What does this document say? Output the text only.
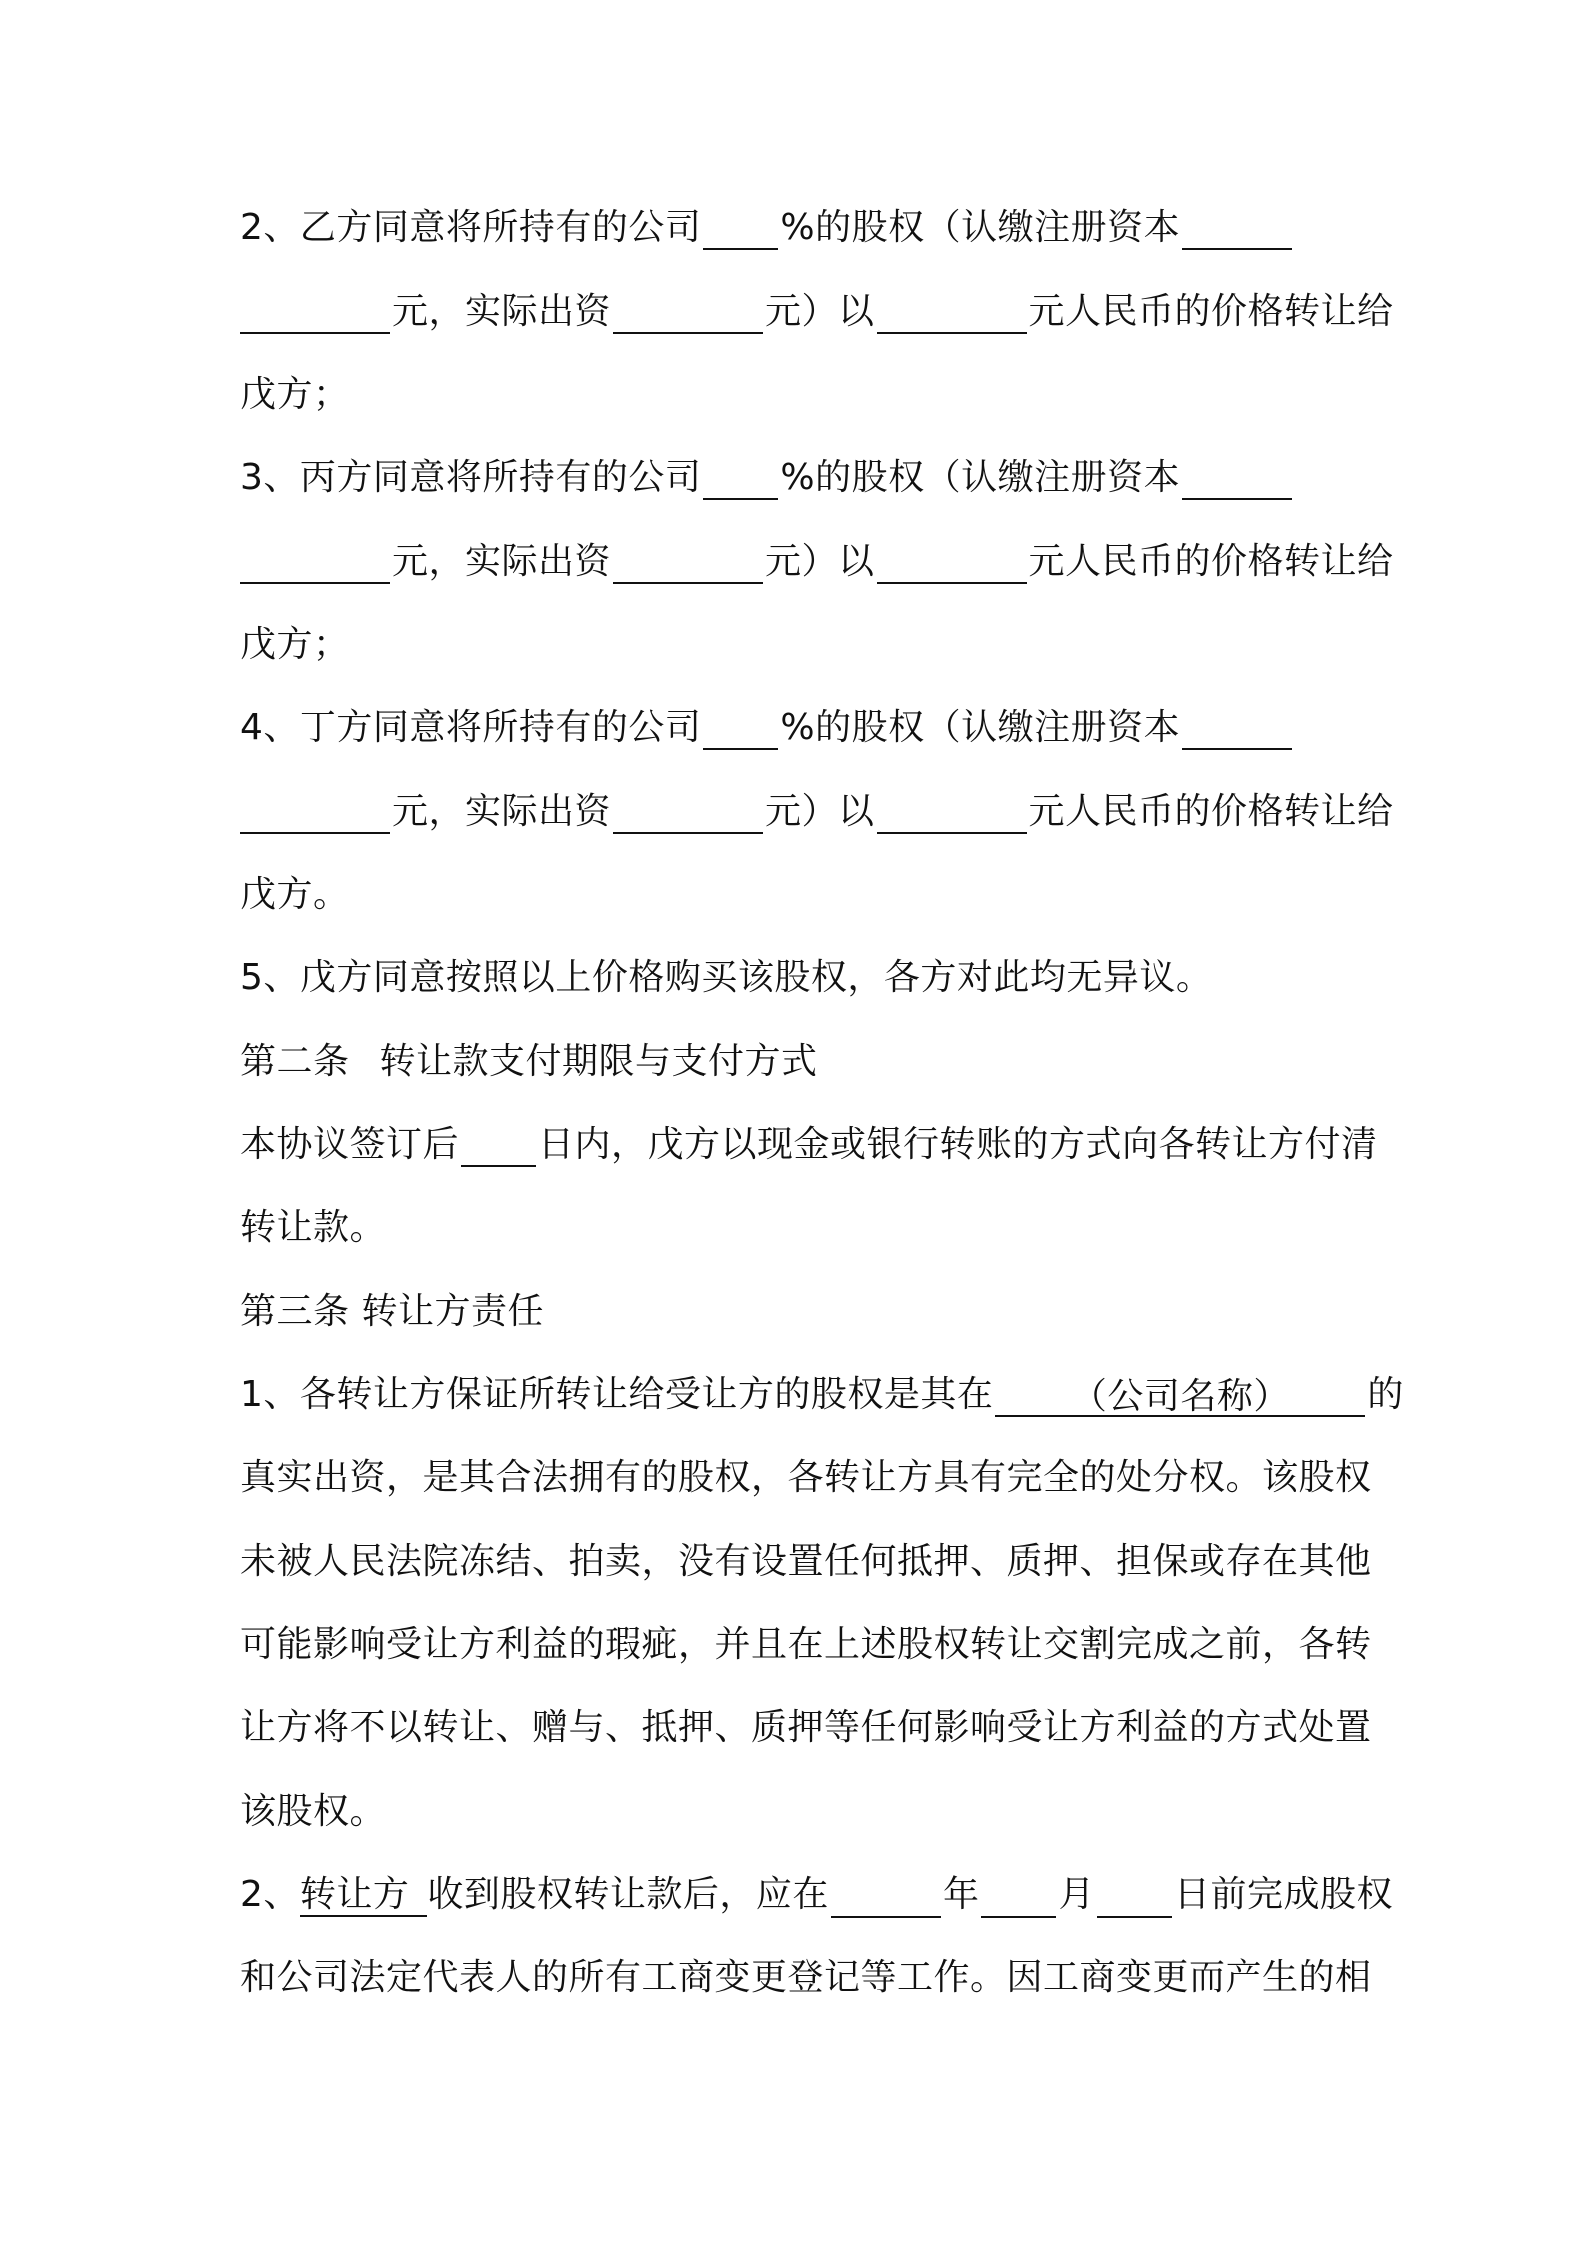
2、乙方同意将所持有的公司 %的股权（认缴注册资本
元，实际出资	元）以	元人民币的价格转让给
戊方；
3、丙方同意将所持有的公司 %的股权（认缴注册资本
元，实际出资	元）以	元人民币的价格转让给
戊方；
4、丁方同意将所持有的公司 %的股权（认缴注册资本
元，实际出资	元）以	元人民币的价格转让给
戊方。
5、戊方同意按照以上价格购买该股权，各方对此均无异议。
第二条 转让款支付期限与支付方式
本协议签订后 日内，戊方以现金或银行转账的方式向各转让方付清
转让款。
第三条 转让方责任
1、各转让方保证所转让给受让方的股权是其在 （公司名称） 的
真实出资，是其合法拥有的股权，各转让方具有完全的处分权。该股权
未被人民法院冻结、拍卖，没有设置任何抵押、质押、担保或存在其他
可能影响受让方利益的瑕疵，并且在上述股权转让交割完成之前，各转
让方将不以转让、赠与、抵押、质押等任何影响受让方利益的方式处置
该股权。
2、转让方 收到股权转让款后，应在	年 月 日前完成股权
和公司法定代表人的所有工商变更登记等工作。因工商变更而产生的相
